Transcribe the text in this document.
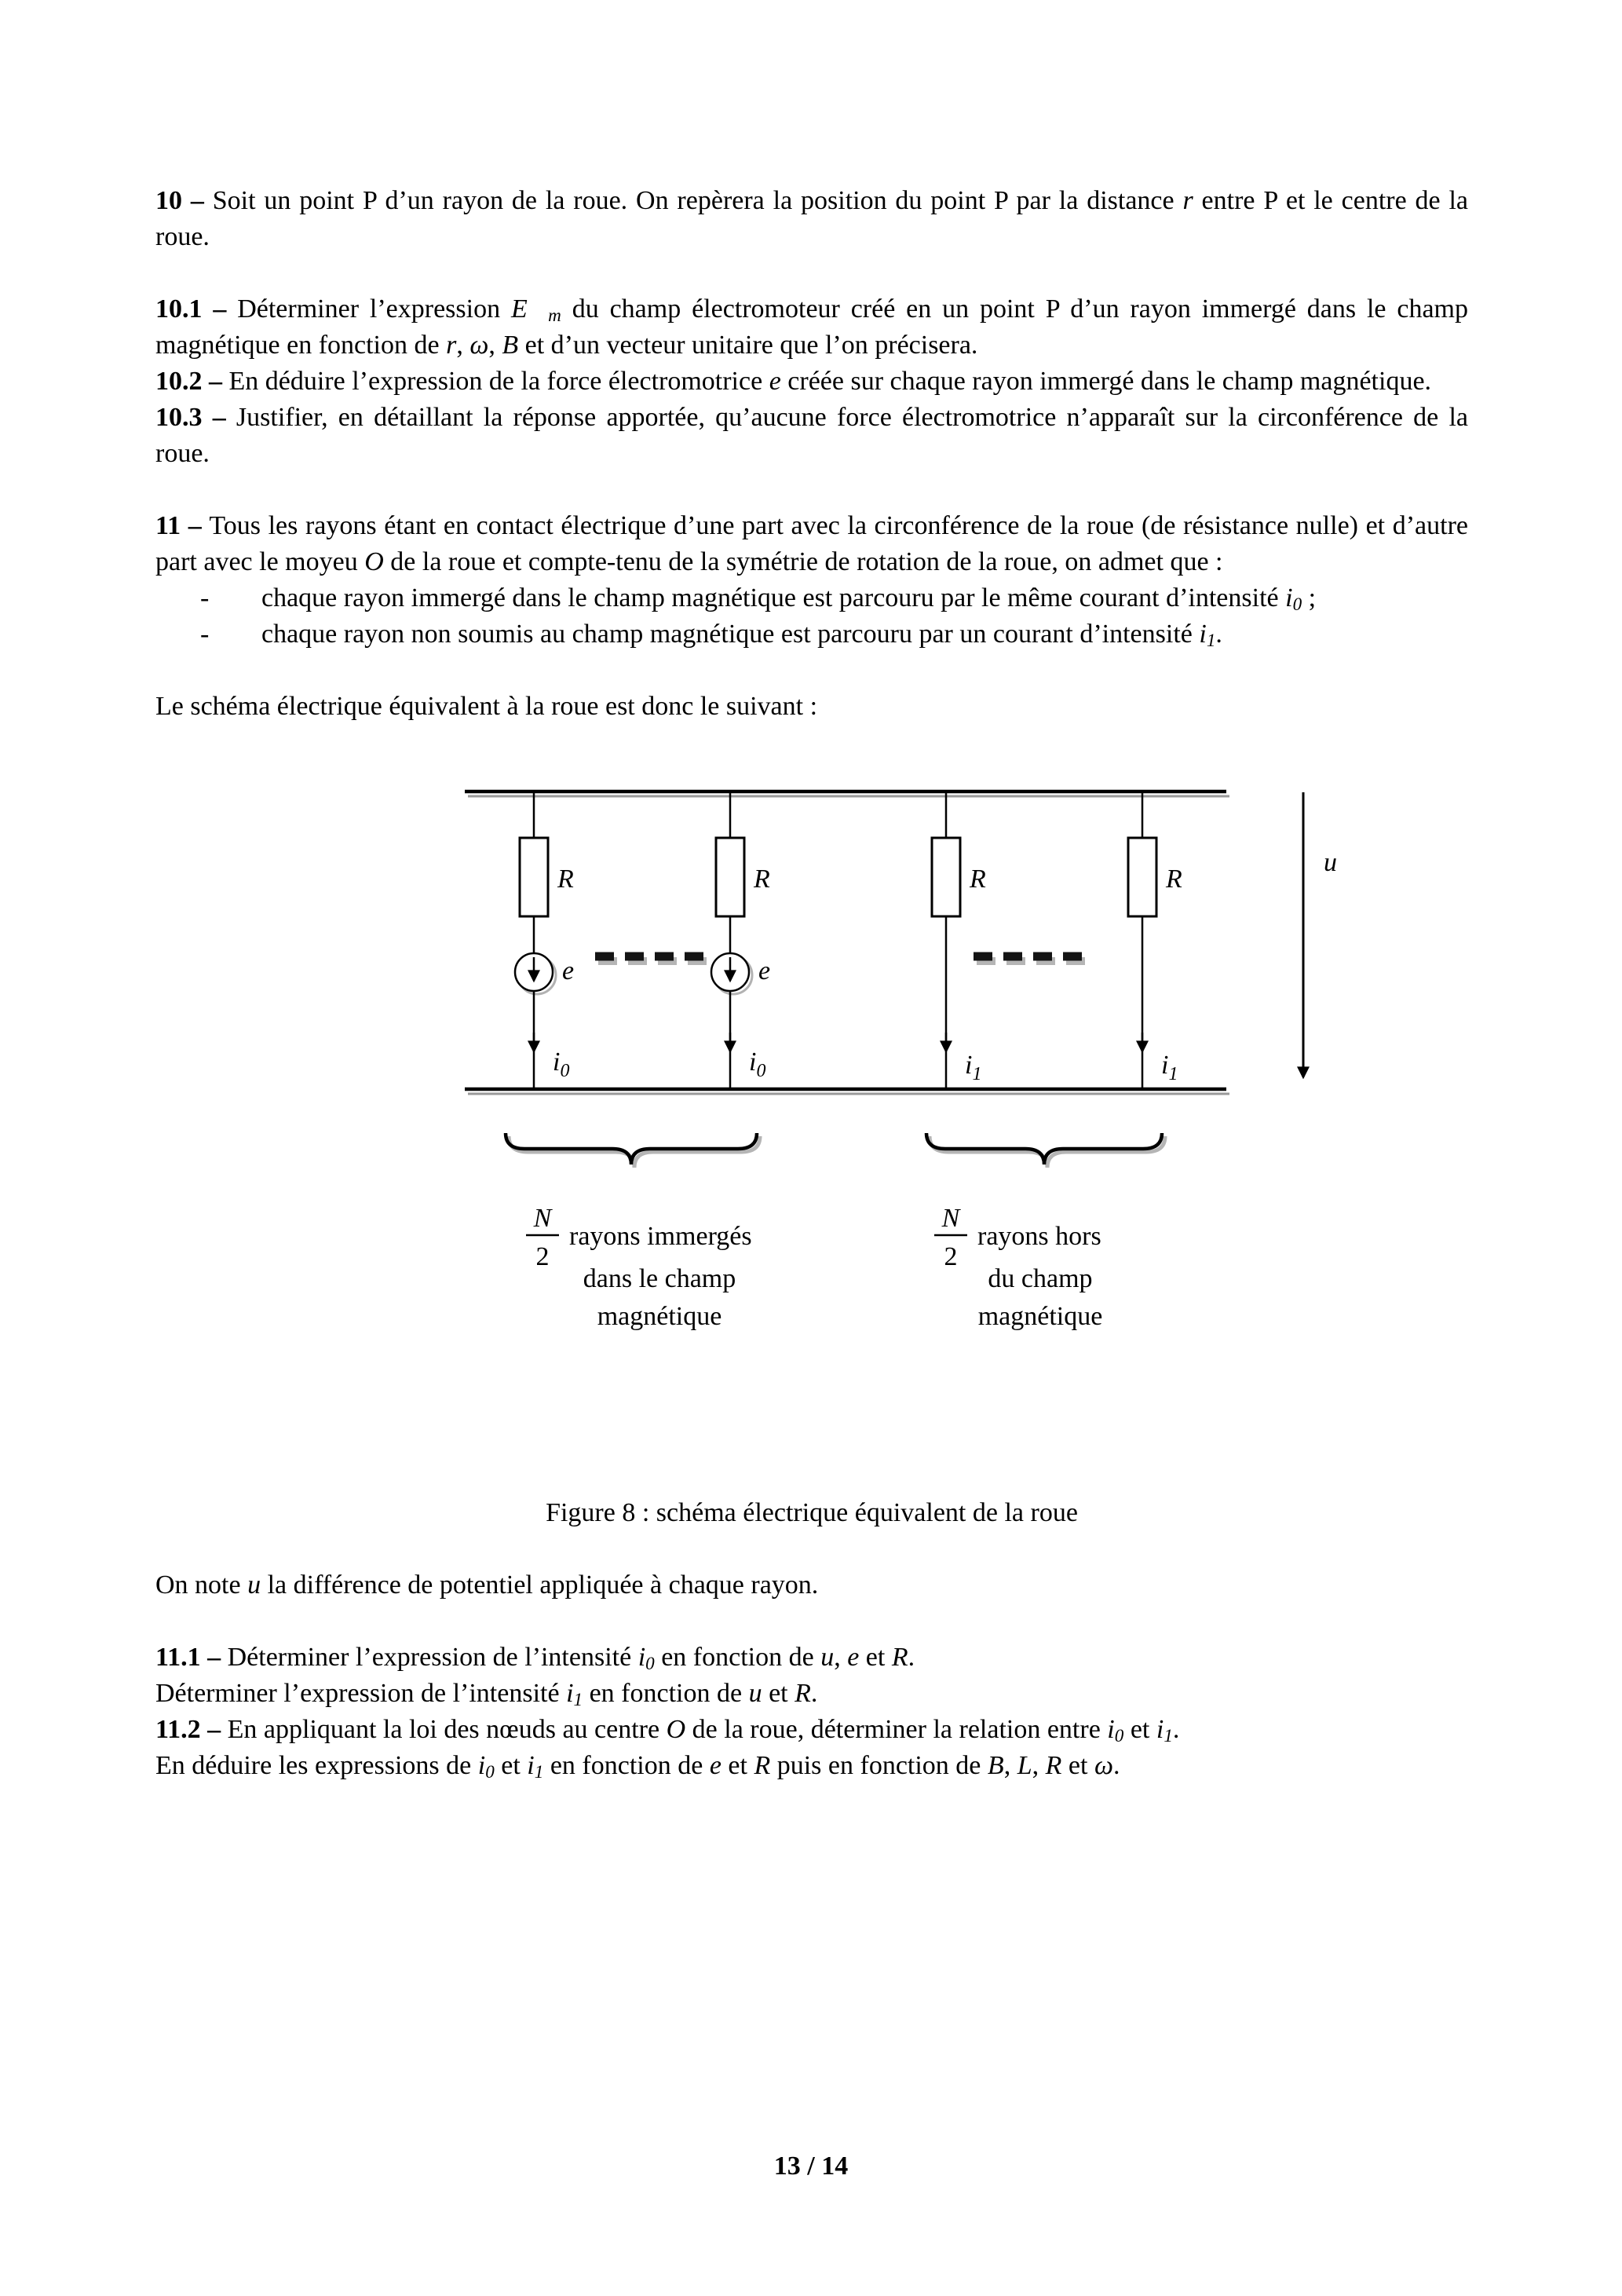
10 – Soit un point P d’un rayon de la roue. On repèrera la position du point P par la distance r entre P et le centre de la roue.

10.1 – Déterminer l’expression E⃗m du champ électromoteur créé en un point P d’un rayon immergé dans le champ magnétique en fonction de r, ω, B et d’un vecteur unitaire que l’on précisera.

10.2 – En déduire l’expression de la force électromotrice e créée sur chaque rayon immergé dans le champ magnétique.

10.3 – Justifier, en détaillant la réponse apportée, qu’aucune force électromotrice n’apparaît sur la circonférence de la roue.

11 – Tous les rayons étant en contact électrique d’une part avec la circonférence de la roue (de résistance nulle) et d’autre part avec le moyeu O de la roue et compte-tenu de la symétrie de rotation de la roue, on admet que :

-	chaque rayon immergé dans le champ magnétique est parcouru par le même courant d’intensité i0 ;
-	chaque rayon non soumis au champ magnétique est parcouru par un courant d’intensité i1.

Le schéma électrique équivalent à la roue est donc le suivant :

R
e
$i_0$
R
e
$i_0$
R
$i_1$
R
$i_1$
u
N
2
rayons immergés
dans le champ
magnétique
N
2
rayons hors
du champ
magnétique

Figure 8 : schéma électrique équivalent de la roue

On note u la différence de potentiel appliquée à chaque rayon.

11.1 – Déterminer l’expression de l’intensité i0 en fonction de u, e et R.

Déterminer l’expression de l’intensité i1 en fonction de u et R.

11.2 – En appliquant la loi des nœuds au centre O de la roue, déterminer la relation entre i0 et i1.

En déduire les expressions de i0 et i1 en fonction de e et R puis en fonction de B, L, R et ω.

13 / 14
